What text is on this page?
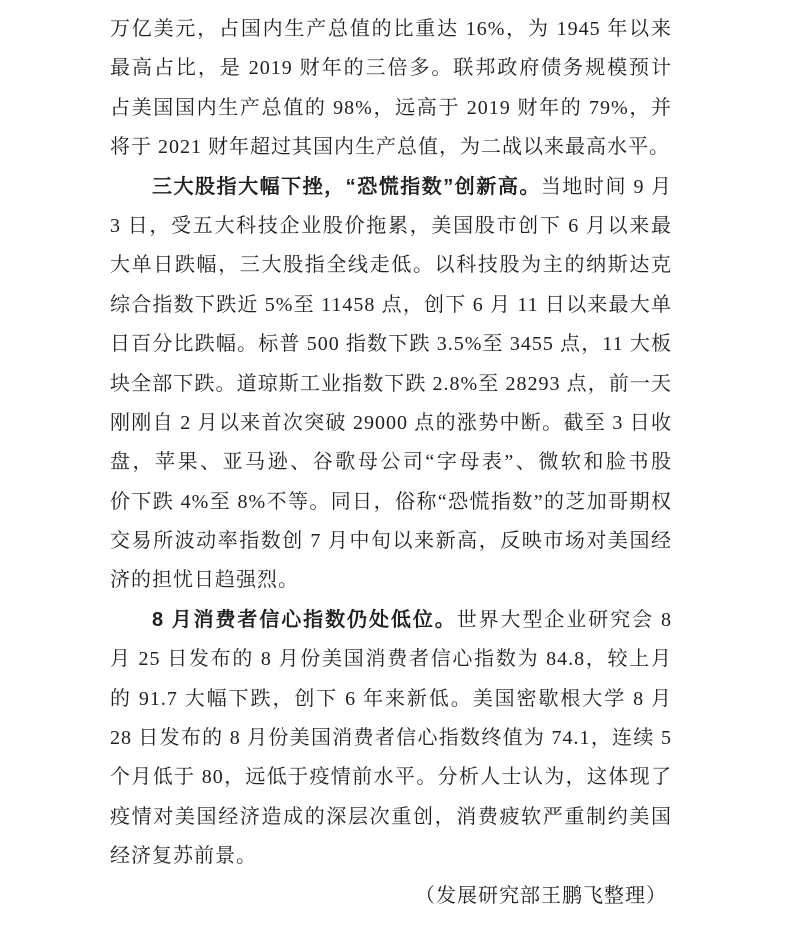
万亿美元，占国内生产总值的比重达 16%，为 1945 年以来
最高占比，是 2019 财年的三倍多。联邦政府债务规模预计
占美国国内生产总值的 98%，远高于 2019 财年的 79%，并
将于 2021 财年超过其国内生产总值，为二战以来最高水平。
三大股指大幅下挫，“恐慌指数”创新高。当地时间 9 月
3 日，受五大科技企业股价拖累，美国股市创下 6 月以来最
大单日跌幅，三大股指全线走低。以科技股为主的纳斯达克
综合指数下跌近 5%至 11458 点，创下 6 月 11 日以来最大单
日百分比跌幅。标普 500 指数下跌 3.5%至 3455 点，11 大板
块全部下跌。道琼斯工业指数下跌 2.8%至 28293 点，前一天
刚刚自 2 月以来首次突破 29000 点的涨势中断。截至 3 日收
盘，苹果、亚马逊、谷歌母公司“字母表”、微软和脸书股
价下跌 4%至 8%不等。同日，俗称“恐慌指数”的芝加哥期权
交易所波动率指数创 7 月中旬以来新高，反映市场对美国经
济的担忧日趋强烈。
8 月消费者信心指数仍处低位。世界大型企业研究会 8
月 25 日发布的 8 月份美国消费者信心指数为 84.8，较上月
的 91.7 大幅下跌，创下 6 年来新低。美国密歇根大学 8 月
28 日发布的 8 月份美国消费者信心指数终值为 74.1，连续 5
个月低于 80，远低于疫情前水平。分析人士认为，这体现了
疫情对美国经济造成的深层次重创，消费疲软严重制约美国
经济复苏前景。
（发展研究部王鹏飞整理）
